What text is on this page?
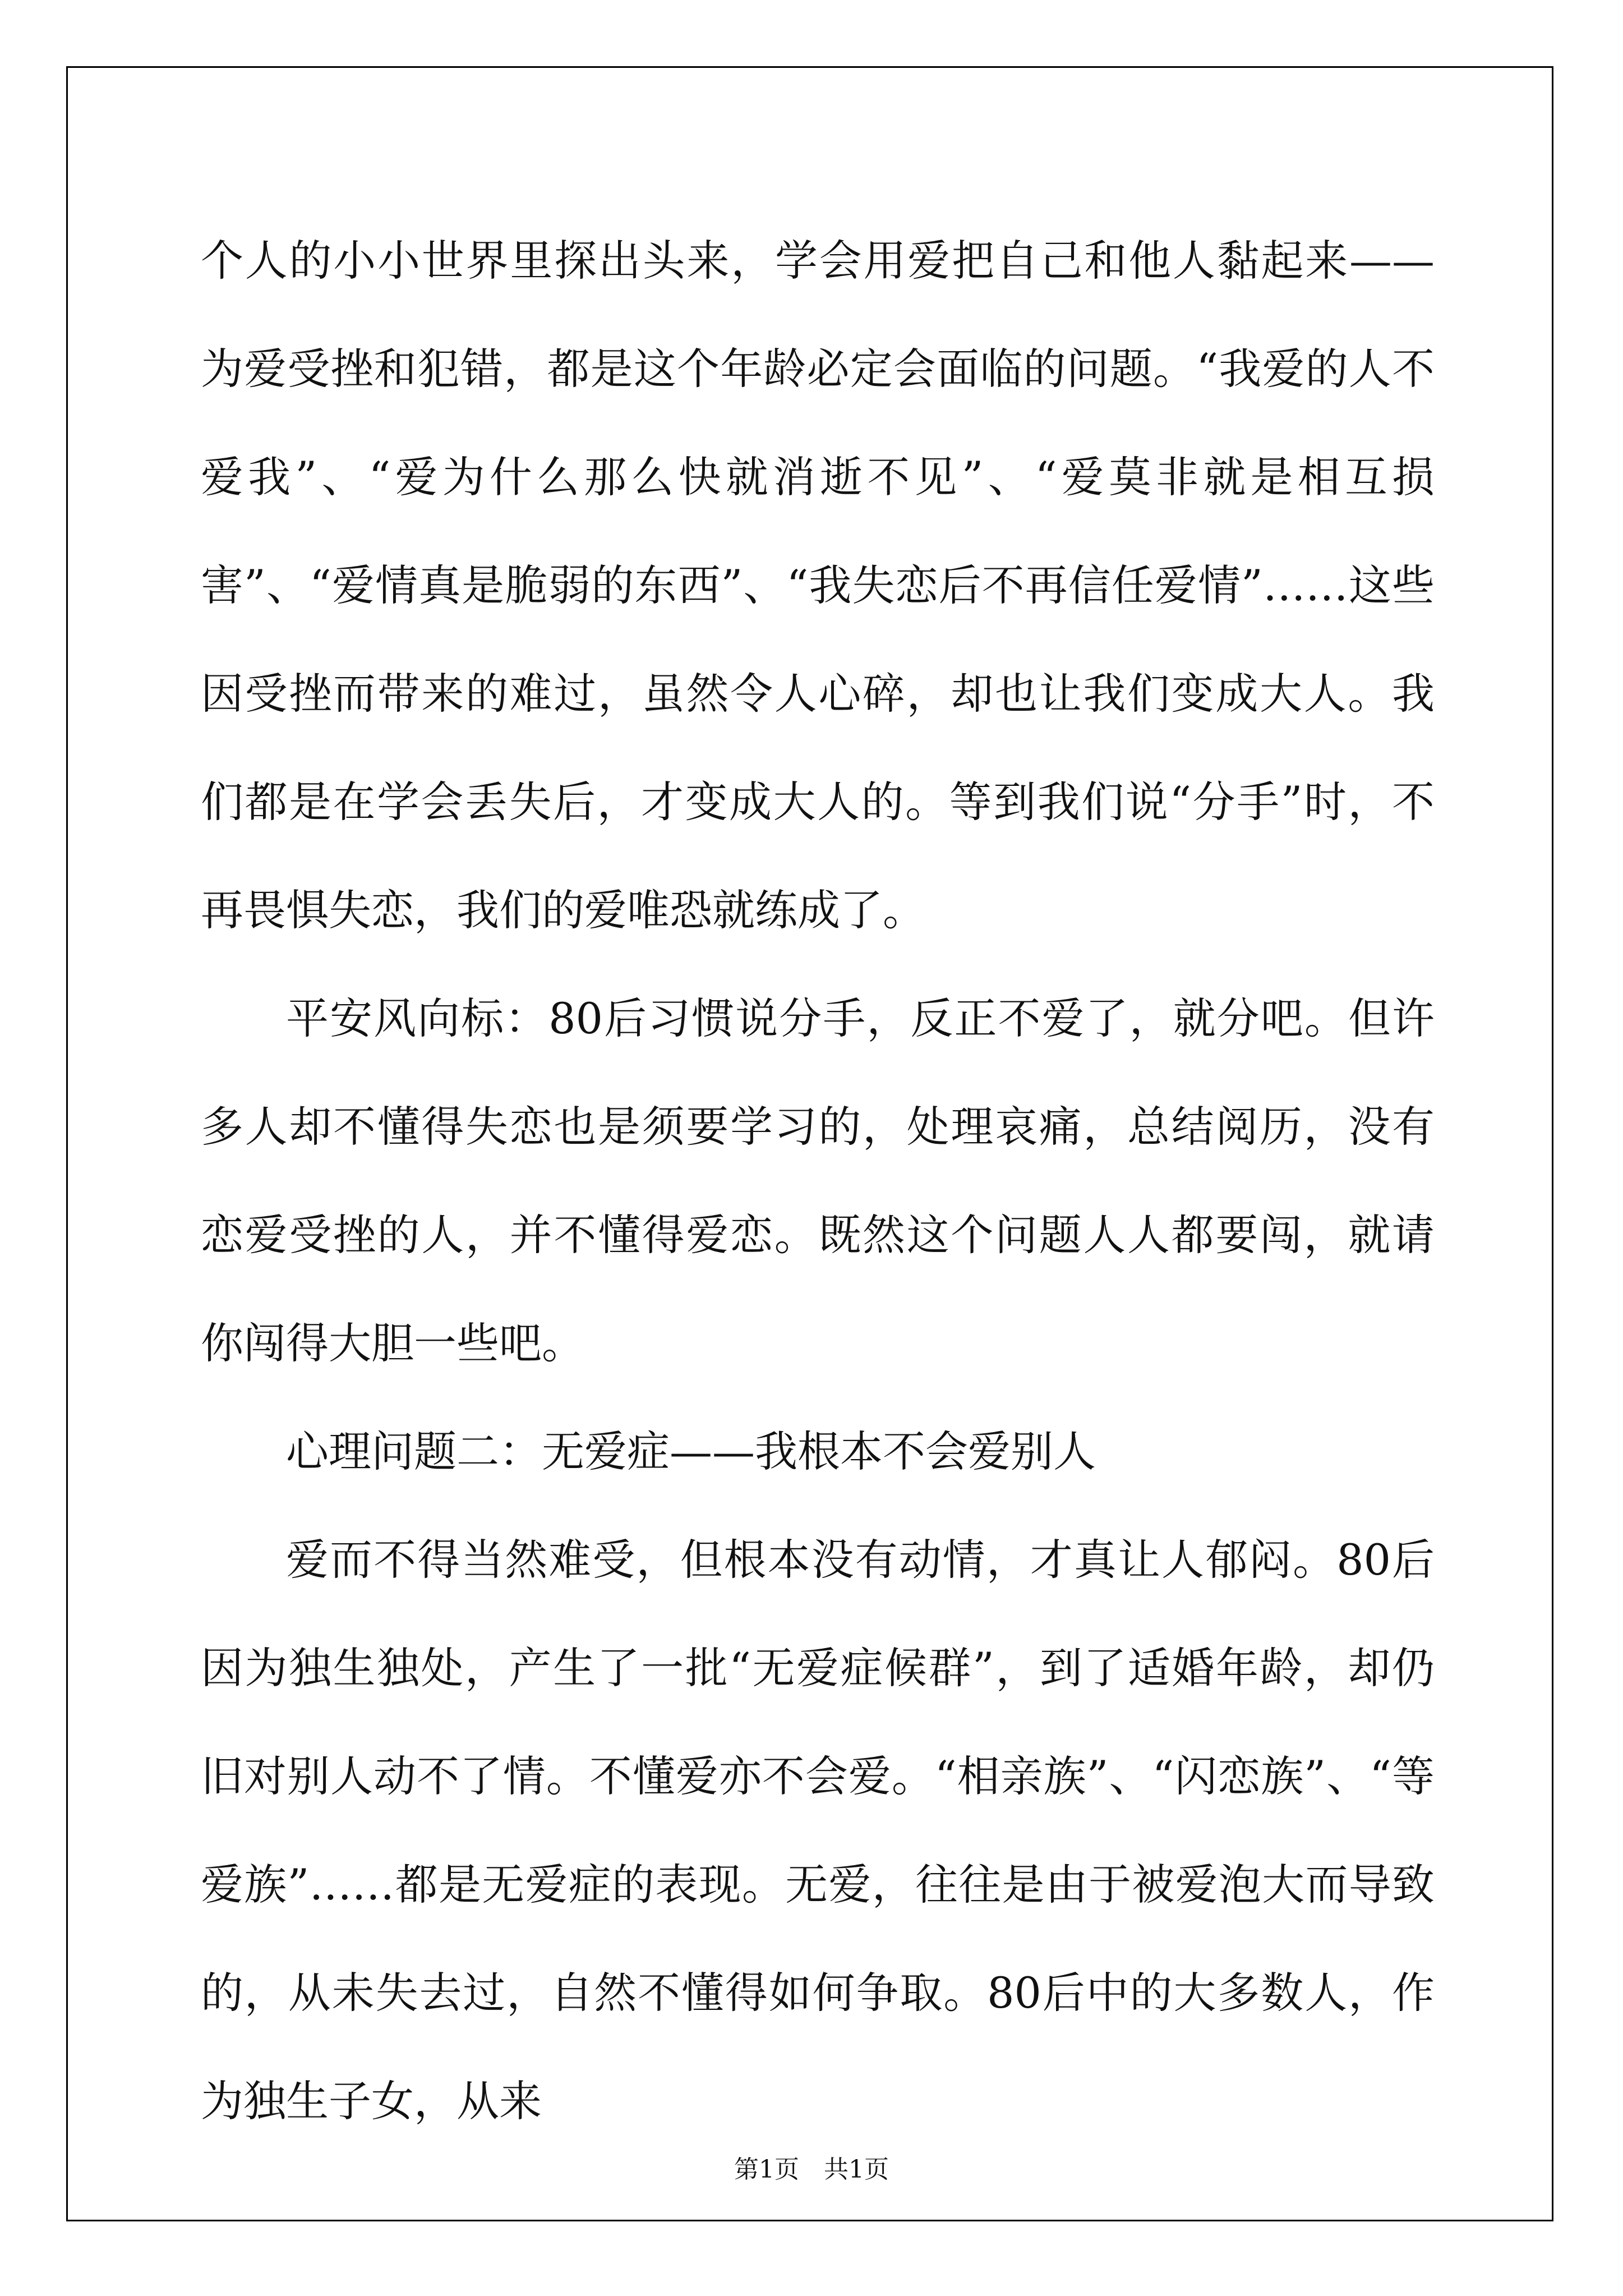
个人的小小世界里探出头来，学会用爱把自己和他人黏起来——为爱受挫和犯错，都是这个年龄必定会面临的问题。“我爱的人不爱我”、“爱为什么那么快就消逝不见”、“爱莫非就是相互损害”、“爱情真是脆弱的东西”、“我失恋后不再信任爱情”……这些因受挫而带来的难过，虽然令人心碎，却也让我们变成大人。我们都是在学会丢失后，才变成大人的。等到我们说“分手”时，不再畏惧失恋，我们的爱唯恐就练成了。

平安风向标：80后习惯说分手，反正不爱了，就分吧。但许多人却不懂得失恋也是须要学习的，处理哀痛，总结阅历，没有恋爱受挫的人，并不懂得爱恋。既然这个问题人人都要闯，就请你闯得大胆一些吧。

心理问题二：无爱症——我根本不会爱别人

爱而不得当然难受，但根本没有动情，才真让人郁闷。80后因为独生独处，产生了一批“无爱症候群”，到了适婚年龄，却仍旧对别人动不了情。不懂爱亦不会爱。“相亲族”、“闪恋族”、“等爱族”……都是无爱症的表现。无爱，往往是由于被爱泡大而导致的，从未失去过，自然不懂得如何争取。80后中的大多数人，作为独生子女，从来

第1页　共1页
